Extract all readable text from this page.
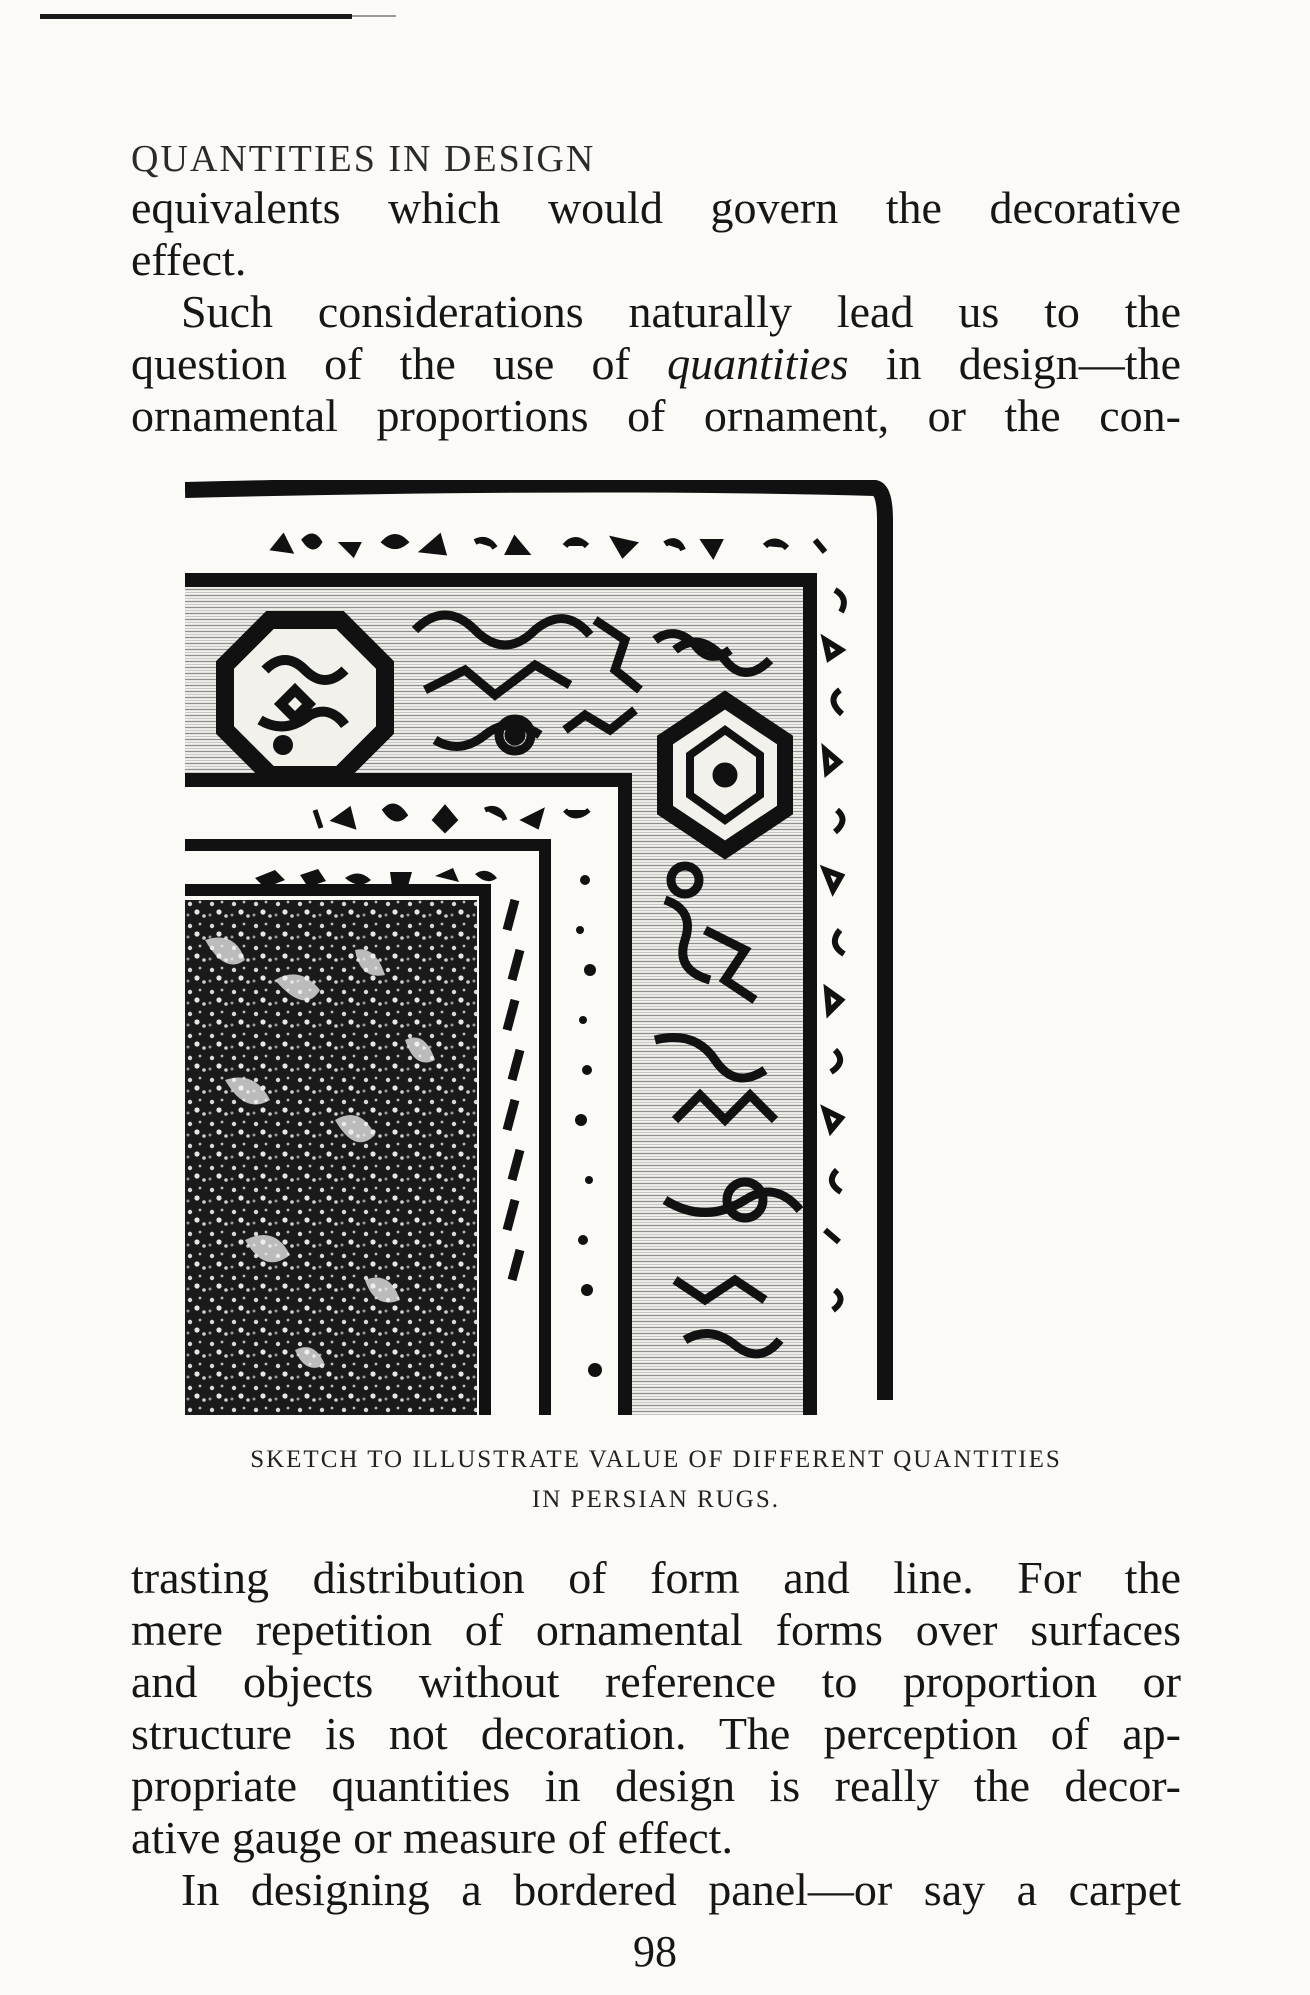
QUANTITIES IN DESIGN
equivalents which would govern the decorative
effect.
Such considerations naturally lead us to the
question of the use of quantities in design—the
ornamental proportions of ornament, or the con-
SKETCH TO ILLUSTRATE VALUE OF DIFFERENT QUANTITIES
IN PERSIAN RUGS.
trasting distribution of form and line. For the
mere repetition of ornamental forms over surfaces
and objects without reference to proportion or
structure is not decoration. The perception of ap-
propriate quantities in design is really the decor-
ative gauge or measure of effect.
In designing a bordered panel—or say a carpet
98
